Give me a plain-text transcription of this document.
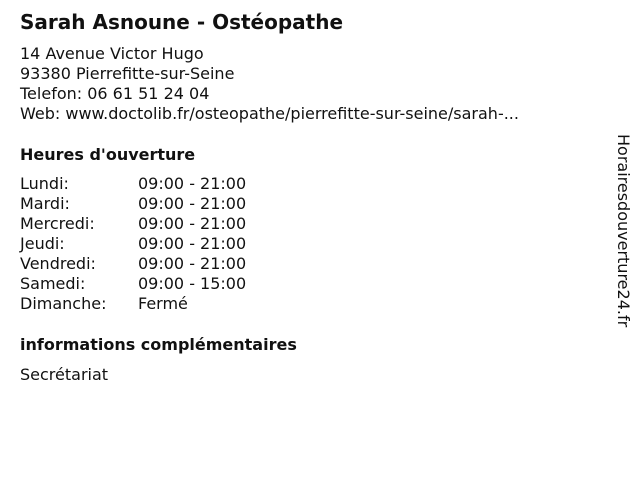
Sarah Asnoune - Ostéopathe
14 Avenue Victor Hugo
93380 Pierrefitte-sur-Seine
Telefon: 06 61 51 24 04
Web: www.doctolib.fr/osteopathe/pierrefitte-sur-seine/sarah-...
Heures d'ouverture
Lundi:	09:00 - 21:00
Mardi:	09:00 - 21:00
Mercredi:	09:00 - 21:00
Jeudi:	09:00 - 21:00
Vendredi:	09:00 - 21:00
Samedi:	09:00 - 15:00
Dimanche:	Fermé
informations complémentaires
Secrétariat
Horairesdouverture24.fr
